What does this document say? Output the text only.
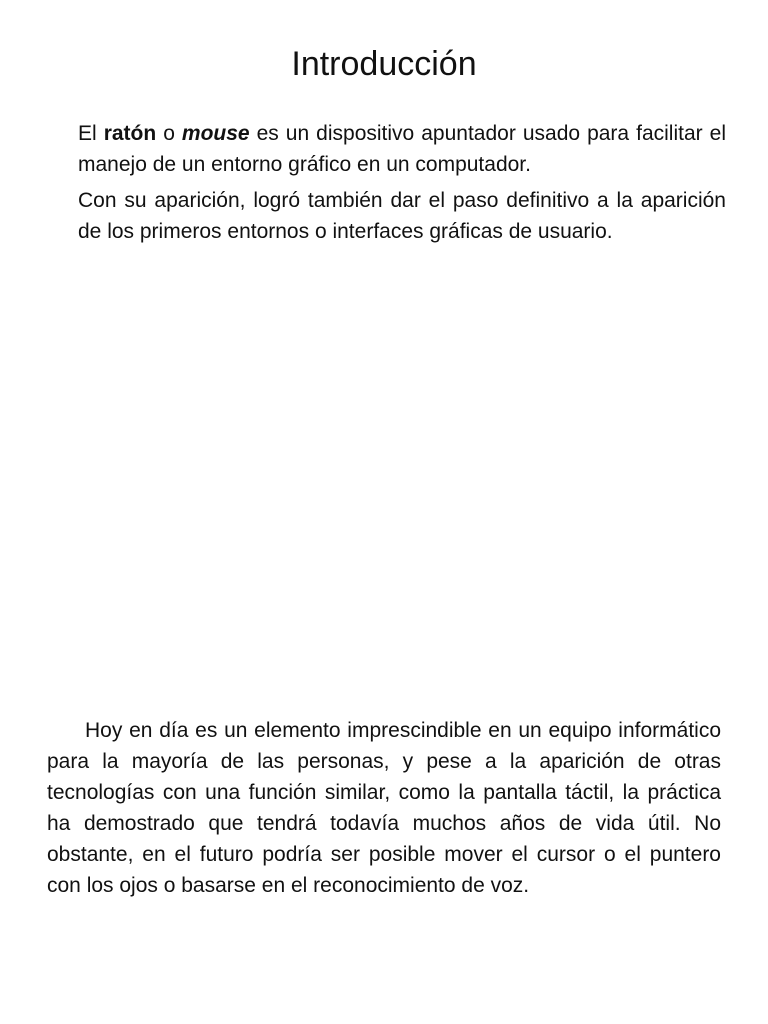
Introducción

El ratón o mouse es un dispositivo apuntador usado para facilitar el manejo de un entorno gráfico en un computador.

Con su aparición, logró también dar el paso definitivo a la aparición de los primeros entornos o interfaces gráficas de usuario.

Hoy en día es un elemento imprescindible en un equipo informático para la mayoría de las personas, y pese a la aparición de otras tecnologías con una función similar, como la pantalla táctil, la práctica ha demostrado que tendrá todavía muchos años de vida útil. No obstante, en el futuro podría ser posible mover el cursor o el puntero con los ojos o basarse en el reconocimiento de voz.
